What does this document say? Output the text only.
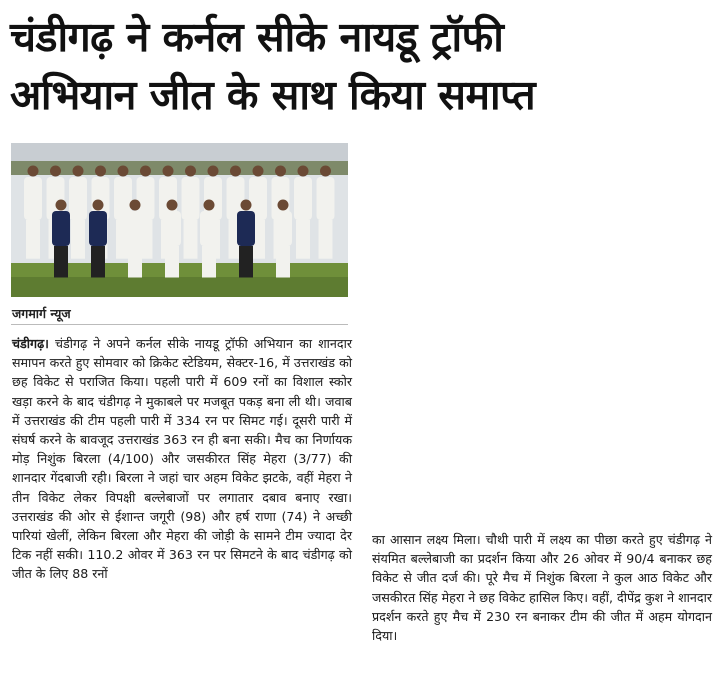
चंडीगढ़ ने कर्नल सीके नायडू ट्रॉफी
अभियान जीत के साथ किया समाप्त
जगमार्ग न्यूज
चंडीगढ़। चंडीगढ़ ने अपने कर्नल सीके नायडू ट्रॉफी अभियान का शानदार समापन करते हुए सोमवार को क्रिकेट स्टेडियम, सेक्टर-16, में उत्तराखंड को छह विकेट से पराजित किया। पहली पारी में 609 रनों का विशाल स्कोर खड़ा करने के बाद चंडीगढ़ ने मुकाबले पर मजबूत पकड़ बना ली थी। जवाब में उत्तराखंड की टीम पहली पारी में 334 रन पर सिमट गई। दूसरी पारी में संघर्ष करने के बावजूद उत्तराखंड 363 रन ही बना सकी। मैच का निर्णायक मोड़ निशुंक बिरला (4/100) और जसकीरत सिंह मेहरा (3/77) की शानदार गेंदबाजी रही। बिरला ने जहां चार अहम विकेट झटके, वहीं मेहरा ने तीन विकेट लेकर विपक्षी बल्लेबाजों पर लगातार दबाव बनाए रखा। उत्तराखंड की ओर से ईशान्त जगूरी (98) और हर्ष राणा (74) ने अच्छी पारियां खेलीं, लेकिन बिरला और मेहरा की जोड़ी के सामने टीम ज्यादा देर टिक नहीं सकी। 110.2 ओवर में 363 रन पर सिमटने के बाद चंडीगढ़ को जीत के लिए 88 रनों
का आसान लक्ष्य मिला। चौथी पारी में लक्ष्य का पीछा करते हुए चंडीगढ़ ने संयमित बल्लेबाजी का प्रदर्शन किया और 26 ओवर में 90/4 बनाकर छह विकेट से जीत दर्ज की। पूरे मैच में निशुंक बिरला ने कुल आठ विकेट और जसकीरत सिंह मेहरा ने छह विकेट हासिल किए। वहीं, दीपेंद्र कुश ने शानदार प्रदर्शन करते हुए मैच में 230 रन बनाकर टीम की जीत में अहम योगदान दिया।
